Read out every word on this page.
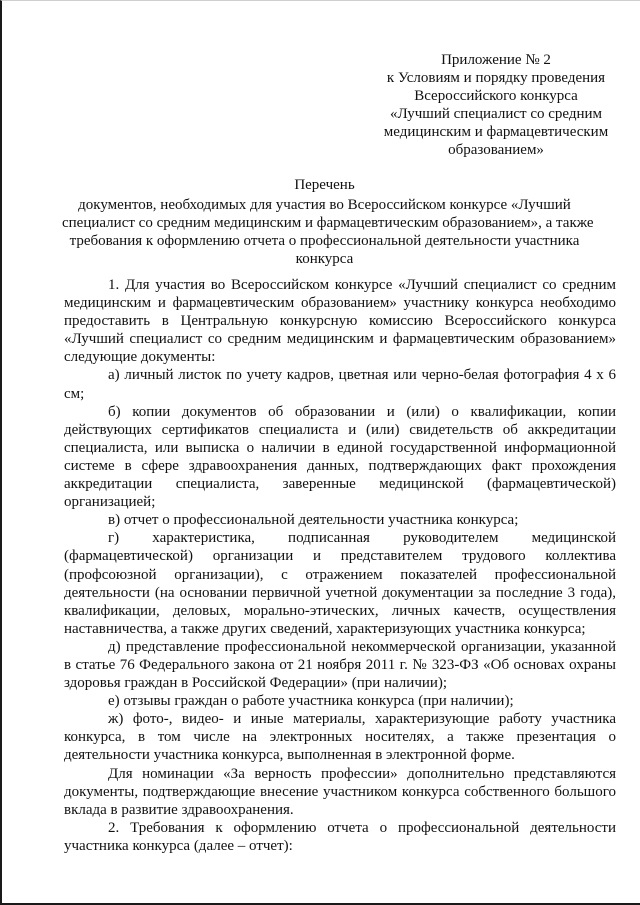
Приложение № 2
к Условиям и порядку проведения
Всероссийского конкурса
«Лучший специалист со средним
медицинским и фармацевтическим
образованием»
Перечень
документов, необходимых для участия во Всероссийском конкурсе «Лучший
специалист со средним медицинским и фармацевтическим образованием», а также
требования к оформлению отчета о профессиональной деятельности участника
конкурса

1. Для участия во Всероссийском конкурсе «Лучший специалист со средним медицинским и фармацевтическим образованием» участнику конкурса необходимо предоставить в Центральную конкурсную комиссию Всероссийского конкурса «Лучший специалист со средним медицинским и фармацевтическим образованием» следующие документы:

а) личный листок по учету кадров, цветная или черно-белая фотография 4 х 6 см;

б) копии документов об образовании и (или) о квалификации, копии действующих сертификатов специалиста и (или) свидетельств об аккредитации специалиста, или выписка о наличии в единой государственной информационной системе в сфере здравоохранения данных, подтверждающих факт прохождения аккредитации специалиста, заверенные медицинской (фармацевтической) организацией;

в) отчет о профессиональной деятельности участника конкурса;

г) характеристика, подписанная руководителем медицинской (фармацевтической) организации и представителем трудового коллектива (профсоюзной организации), с отражением показателей профессиональной деятельности (на основании первичной учетной документации за последние 3 года), квалификации, деловых, морально-этических, личных качеств, осуществления наставничества, а также других сведений, характеризующих участника конкурса;

д) представление профессиональной некоммерческой организации, указанной в статье 76 Федерального закона от 21 ноября 2011 г. № 323-ФЗ «Об основах охраны здоровья граждан в Российской Федерации» (при наличии);

е) отзывы граждан о работе участника конкурса (при наличии);

ж) фото-, видео- и иные материалы, характеризующие работу участника конкурса, в том числе на электронных носителях, а также презентация о деятельности участника конкурса, выполненная в электронной форме.

Для номинации «За верность профессии» дополнительно представляются документы, подтверждающие внесение участником конкурса собственного большого вклада в развитие здравоохранения.

2. Требования к оформлению отчета о профессиональной деятельности участника конкурса (далее – отчет):
